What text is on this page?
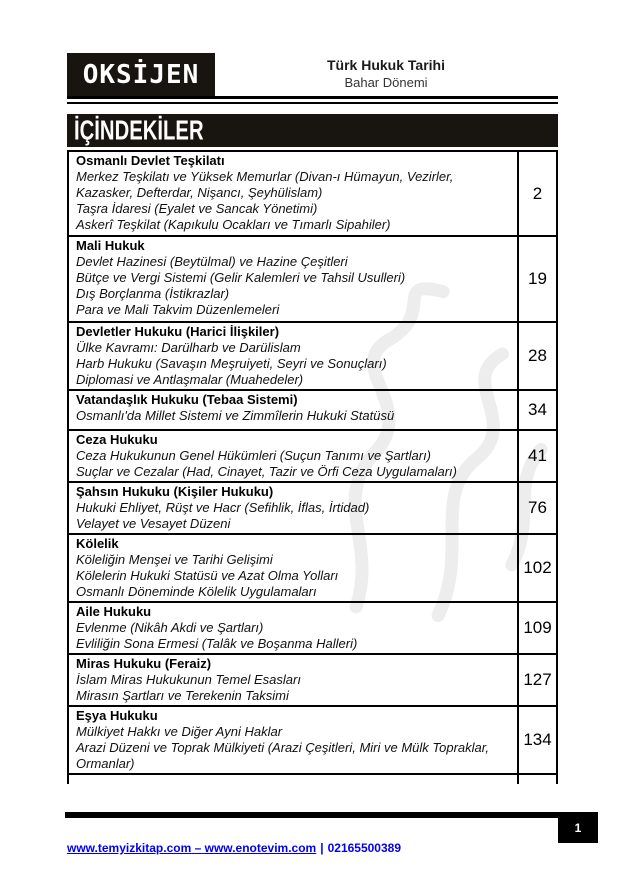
OKSİJEN	Türk Hukuk Tarihi
Bahar Dönemi
İÇİNDEKİLER
Osmanlı Devlet Teşkilatı
Merkez Teşkilatı ve Yüksek Memurlar (Divan-ı Hümayun, Vezirler, Kazasker, Defterdar, Nişancı, Şeyhülislam)
Taşra İdaresi (Eyalet ve Sancak Yönetimi)
Askerî Teşkilat (Kapıkulu Ocakları ve Tımarlı Sipahiler)
2
Mali Hukuk
Devlet Hazinesi (Beytülmal) ve Hazine Çeşitleri
Bütçe ve Vergi Sistemi (Gelir Kalemleri ve Tahsil Usulleri)
Dış Borçlanma (İstikrazlar)
Para ve Mali Takvim Düzenlemeleri
19
Devletler Hukuku (Harici İlişkiler)
Ülke Kavramı: Darülharb ve Darülislam
Harb Hukuku (Savaşın Meşruiyeti, Seyri ve Sonuçları)
Diplomasi ve Antlaşmalar (Muahedeler)
28
Vatandaşlık Hukuku (Tebaa Sistemi)
Osmanlı'da Millet Sistemi ve Zimmîlerin Hukuki Statüsü	34
Ceza Hukuku
Ceza Hukukunun Genel Hükümleri (Suçun Tanımı ve Şartları)
Suçlar ve Cezalar (Had, Cinayet, Tazir ve Örfi Ceza Uygulamaları)
41
Şahsın Hukuku (Kişiler Hukuku)
Hukuki Ehliyet, Rüşt ve Hacr (Sefihlik, İflas, İrtidad)
Velayet ve Vesayet Düzeni
76
Kölelik
Köleliğin Menşei ve Tarihi Gelişimi
Kölelerin Hukuki Statüsü ve Azat Olma Yolları
Osmanlı Döneminde Kölelik Uygulamaları
102
Aile Hukuku
Evlenme (Nikâh Akdi ve Şartları)
Evliliğin Sona Ermesi (Talâk ve Boşanma Halleri)
109
Miras Hukuku (Feraiz)
İslam Miras Hukukunun Temel Esasları
Mirasın Şartları ve Terekenin Taksimi
127
Eşya Hukuku
Mülkiyet Hakkı ve Diğer Ayni Haklar
Arazi Düzeni ve Toprak Mülkiyeti (Arazi Çeşitleri, Miri ve Mülk Topraklar, Ormanlar)
134
1
www.temyizkitap.com – www.enotevim.com | 02165500389
